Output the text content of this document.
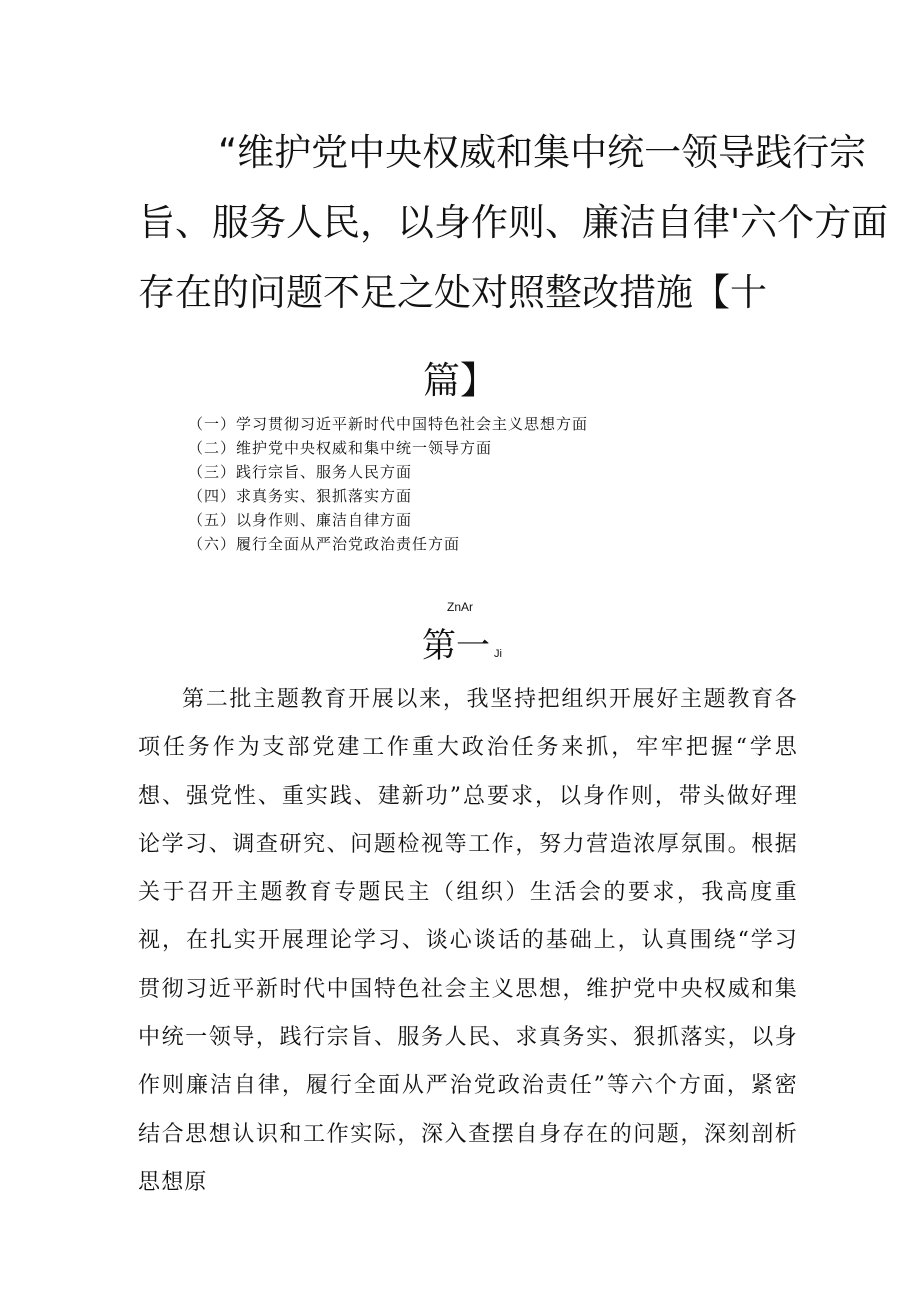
“维护党中央权威和集中统一领导践行宗
旨、服务人民，以身作则、廉洁自律'六个方面
存在的问题不足之处对照整改措施【十
篇】
（一）学习贯彻习近平新时代中国特色社会主义思想方面
（二）维护党中央权威和集中统一领导方面
（三）践行宗旨、服务人民方面
（四）求真务实、狠抓落实方面
（五）以身作则、廉洁自律方面
（六）履行全面从严治党政治责任方面
ZnAr
第一 Ji

第二批主题教育开展以来，我坚持把组织开展好主题教育各项任务作为支部党建工作重大政治任务来抓，牢牢把握“学思想、强党性、重实践、建新功”总要求，以身作则，带头做好理论学习、调查研究、问题检视等工作，努力营造浓厚氛围。根据关于召开主题教育专题民主（组织）生活会的要求，我高度重视，在扎实开展理论学习、谈心谈话的基础上，认真围绕“学习贯彻习近平新时代中国特色社会主义思想，维护党中央权威和集中统一领导，践行宗旨、服务人民、求真务实、狠抓落实，以身作则廉洁自律，履行全面从严治党政治责任”等六个方面，紧密结合思想认识和工作实际，深入查摆自身存在的问题，深刻剖析思想原
